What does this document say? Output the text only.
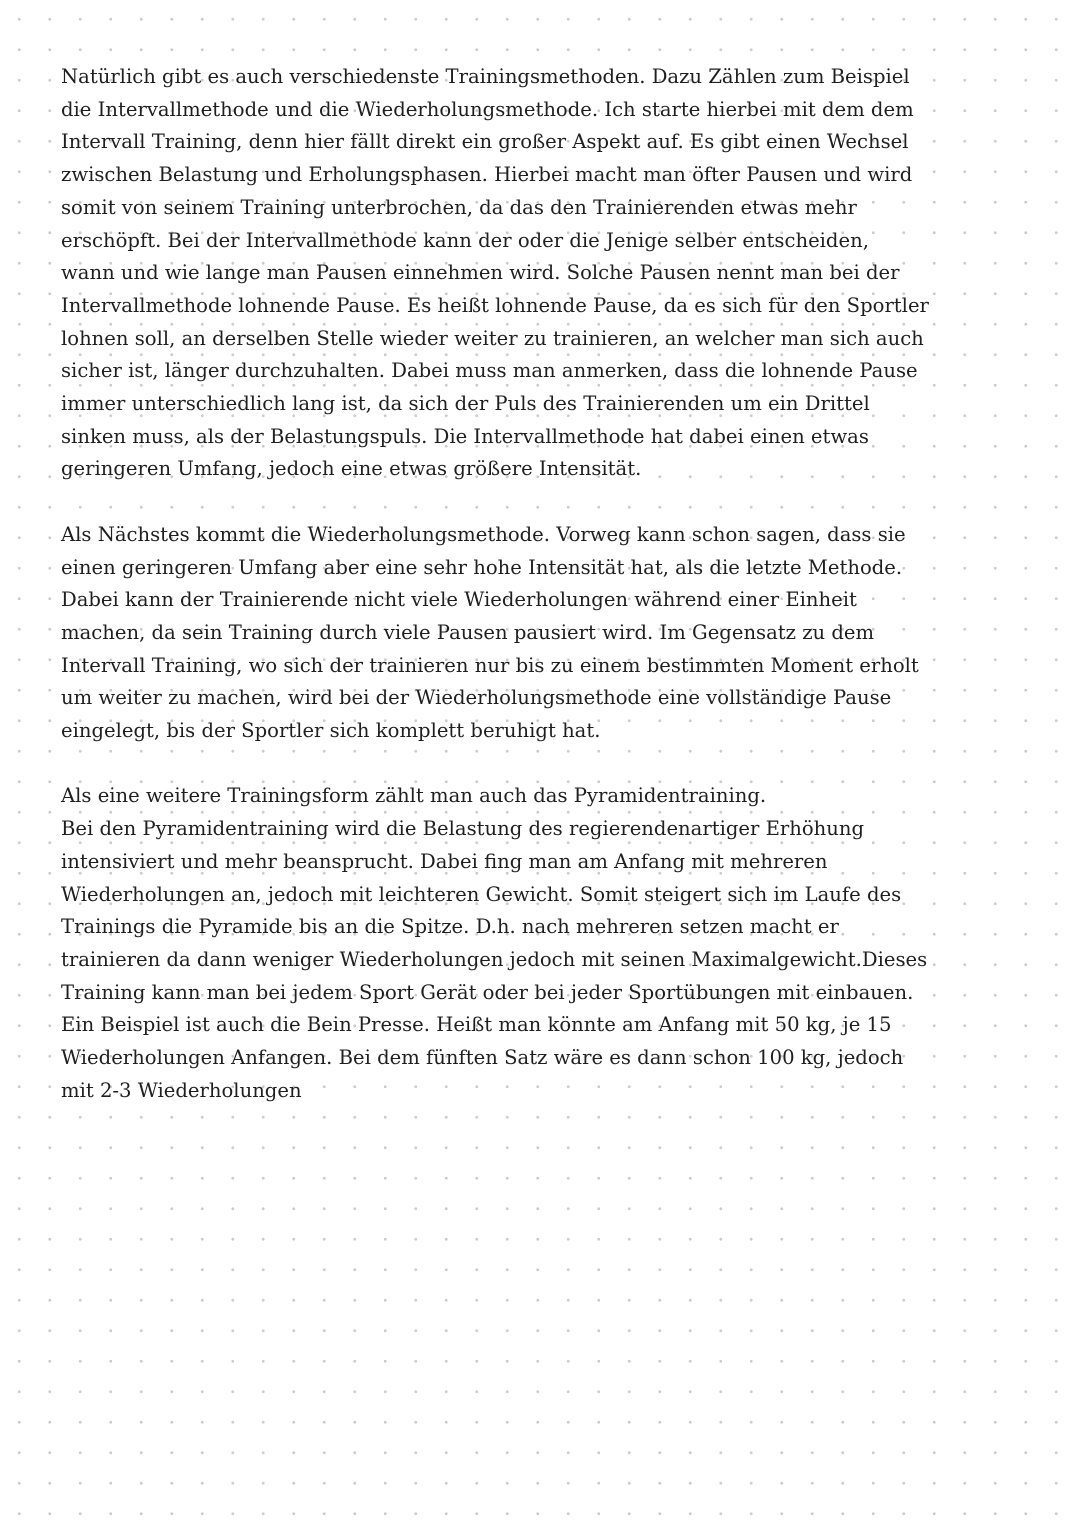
Natürlich gibt es auch verschiedenste Trainingsmethoden. Dazu Zählen zum Beispiel
die Intervallmethode und die Wiederholungsmethode. Ich starte hierbei mit dem dem
Intervall Training, denn hier fällt direkt ein großer Aspekt auf. Es gibt einen Wechsel
zwischen Belastung und Erholungsphasen. Hierbei macht man öfter Pausen und wird
somit von seinem Training unterbrochen, da das den Trainierenden etwas mehr
erschöpft. Bei der Intervallmethode kann der oder die Jenige selber entscheiden,
wann und wie lange man Pausen einnehmen wird. Solche Pausen nennt man bei der
Intervallmethode lohnende Pause. Es heißt lohnende Pause, da es sich für den Sportler
lohnen soll, an derselben Stelle wieder weiter zu trainieren, an welcher man sich auch
sicher ist, länger durchzuhalten. Dabei muss man anmerken, dass die lohnende Pause
immer unterschiedlich lang ist, da sich der Puls des Trainierenden um ein Drittel
sinken muss, als der Belastungspuls. Die Intervallmethode hat dabei einen etwas
geringeren Umfang, jedoch eine etwas größere Intensität.

Als Nächstes kommt die Wiederholungsmethode. Vorweg kann schon sagen, dass sie
einen geringeren Umfang aber eine sehr hohe Intensität hat, als die letzte Methode.
Dabei kann der Trainierende nicht viele Wiederholungen während einer Einheit
machen, da sein Training durch viele Pausen pausiert wird. Im Gegensatz zu dem
Intervall Training, wo sich der trainieren nur bis zu einem bestimmten Moment erholt
um weiter zu machen, wird bei der Wiederholungsmethode eine vollständige Pause
eingelegt, bis der Sportler sich komplett beruhigt hat.

Als eine weitere Trainingsform zählt man auch das Pyramidentraining.
Bei den Pyramidentraining wird die Belastung des regierendenartiger Erhöhung
intensiviert und mehr beansprucht. Dabei fing man am Anfang mit mehreren
Wiederholungen an, jedoch mit leichteren Gewicht. Somit steigert sich im Laufe des
Trainings die Pyramide bis an die Spitze. D.h. nach mehreren setzen macht er
trainieren da dann weniger Wiederholungen jedoch mit seinen Maximalgewicht.Dieses
Training kann man bei jedem Sport Gerät oder bei jeder Sportübungen mit einbauen.
Ein Beispiel ist auch die Bein Presse. Heißt man könnte am Anfang mit 50 kg, je 15
Wiederholungen Anfangen. Bei dem fünften Satz wäre es dann schon 100 kg, jedoch
mit 2-3 Wiederholungen
